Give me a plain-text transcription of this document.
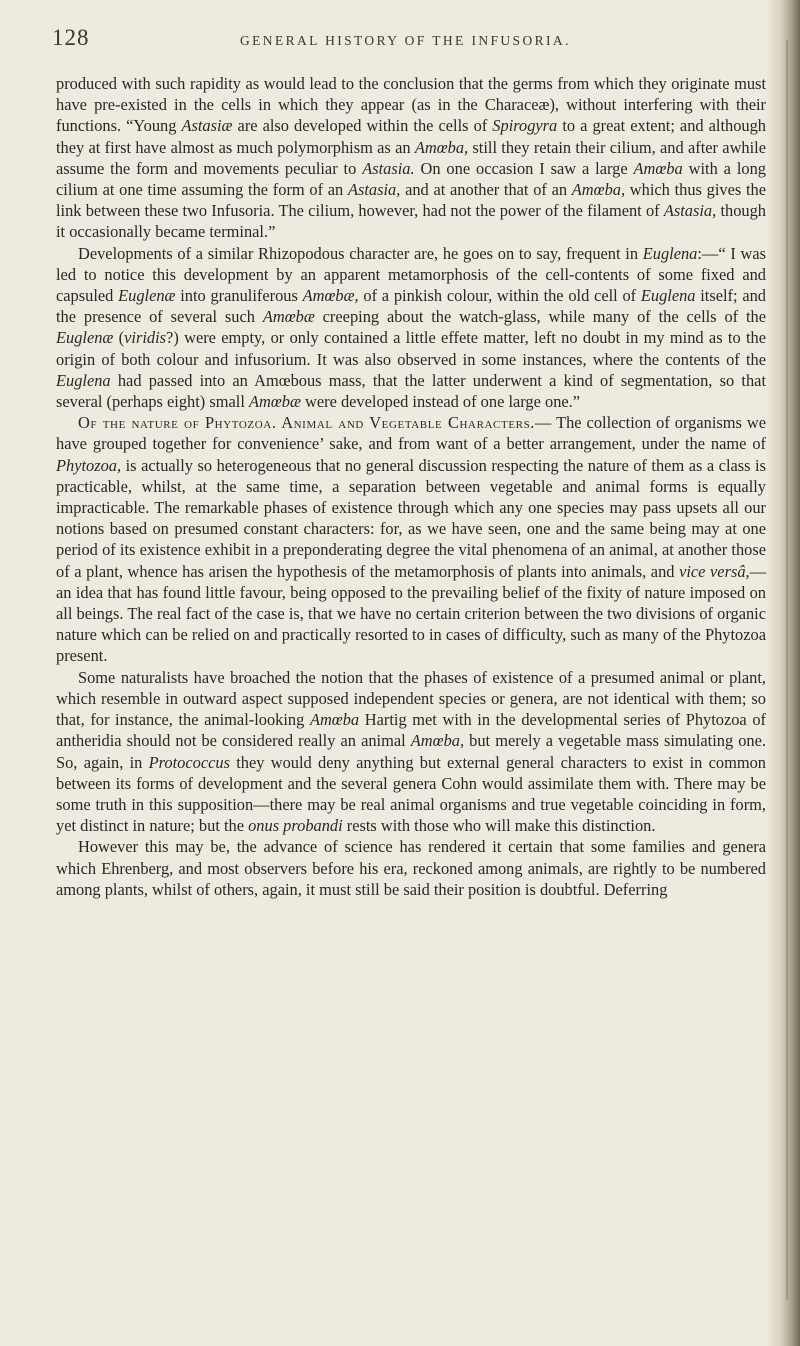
128	GENERAL HISTORY OF THE INFUSORIA.

produced with such rapidity as would lead to the conclusion that the germs from which they originate must have pre-existed in the cells in which they appear (as in the Characeæ), without interfering with their functions. “Young Astasiæ are also developed within the cells of Spirogyra to a great extent; and although they at first have almost as much polymorphism as an Amœba, still they retain their cilium, and after awhile assume the form and movements peculiar to Astasia. On one occasion I saw a large Amœba with a long cilium at one time assuming the form of an Astasia, and at another that of an Amœba, which thus gives the link between these two Infusoria. The cilium, however, had not the power of the filament of Astasia, though it occasionally became terminal.”

Developments of a similar Rhizopodous character are, he goes on to say, frequent in Euglena:—“ I was led to notice this development by an apparent metamorphosis of the cell-contents of some fixed and capsuled Euglenæ into granuliferous Amœbæ, of a pinkish colour, within the old cell of Euglena itself; and the presence of several such Amœbæ creeping about the watch-glass, while many of the cells of the Euglenæ (viridis?) were empty, or only contained a little effete matter, left no doubt in my mind as to the origin of both colour and infusorium. It was also observed in some instances, where the contents of the Euglena had passed into an Amœbous mass, that the latter underwent a kind of segmentation, so that several (perhaps eight) small Amœbæ were developed instead of one large one.”

Of the nature of Phytozoa. Animal and Vegetable Characters.— The collection of organisms we have grouped together for convenience’ sake, and from want of a better arrangement, under the name of Phytozoa, is actually so heterogeneous that no general discussion respecting the nature of them as a class is practicable, whilst, at the same time, a separation between vegetable and animal forms is equally impracticable. The remarkable phases of existence through which any one species may pass upsets all our notions based on presumed constant characters: for, as we have seen, one and the same being may at one period of its existence exhibit in a preponderating degree the vital phenomena of an animal, at another those of a plant, whence has arisen the hypothesis of the metamorphosis of plants into animals, and vice versâ,—an idea that has found little favour, being opposed to the prevailing belief of the fixity of nature imposed on all beings. The real fact of the case is, that we have no certain criterion between the two divisions of organic nature which can be relied on and practically resorted to in cases of difficulty, such as many of the Phytozoa present.

Some naturalists have broached the notion that the phases of existence of a presumed animal or plant, which resemble in outward aspect supposed independent species or genera, are not identical with them; so that, for instance, the animal-looking Amœba Hartig met with in the developmental series of Phytozoa of antheridia should not be considered really an animal Amœba, but merely a vegetable mass simulating one. So, again, in Protococcus they would deny anything but external general characters to exist in common between its forms of development and the several genera Cohn would assimilate them with. There may be some truth in this supposition—there may be real animal organisms and true vegetable coinciding in form, yet distinct in nature; but the onus probandi rests with those who will make this distinction.

However this may be, the advance of science has rendered it certain that some families and genera which Ehrenberg, and most observers before his era, reckoned among animals, are rightly to be numbered among plants, whilst of others, again, it must still be said their position is doubtful. Deferring
